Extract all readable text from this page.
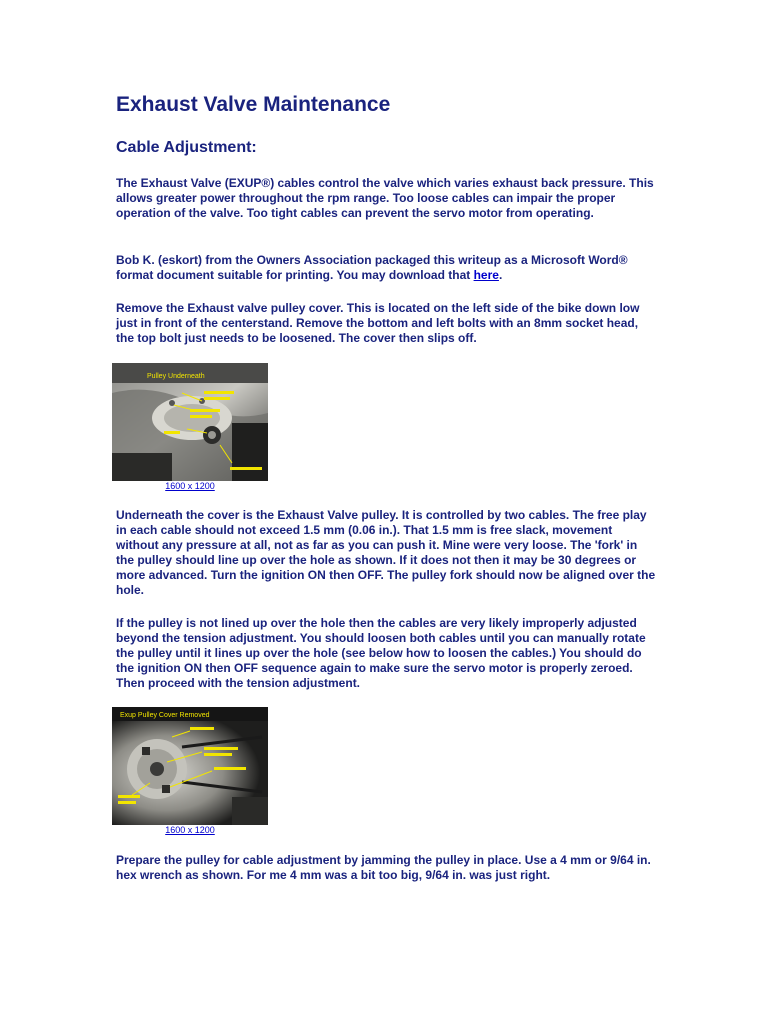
Exhaust Valve Maintenance
Cable Adjustment:

The Exhaust Valve (EXUP®) cables control the valve which varies exhaust back pressure. This allows greater power throughout the rpm range. Too loose cables can impair the proper operation of the valve. Too tight cables can prevent the servo motor from operating.

Bob K. (eskort) from the Owners Association packaged this writeup as a Microsoft Word® format document suitable for printing. You may download that here.

Remove the Exhaust valve pulley cover. This is located on the left side of the bike down low just in front of the centerstand. Remove the bottom and left bolts with an 8mm socket head, the top bolt just needs to be loosened. The cover then slips off.

Pulley Underneath
1600 x 1200

Underneath the cover is the Exhaust Valve pulley. It is controlled by two cables. The free play in each cable should not exceed 1.5 mm (0.06 in.). That 1.5 mm is free slack, movement without any pressure at all, not as far as you can push it. Mine were very loose. The 'fork' in the pulley should line up over the hole as shown. If it does not then it may be 30 degrees or more advanced. Turn the ignition ON then OFF. The pulley fork should now be aligned over the hole.

If the pulley is not lined up over the hole then the cables are very likely improperly adjusted beyond the tension adjustment. You should loosen both cables until you can manually rotate the pulley until it lines up over the hole (see below how to loosen the cables.) You should do the ignition ON then OFF sequence again to make sure the servo motor is properly zeroed. Then proceed with the tension adjustment.

Exup Pulley Cover Removed
1600 x 1200

Prepare the pulley for cable adjustment by jamming the pulley in place. Use a 4 mm or 9/64 in. hex wrench as shown. For me 4 mm was a bit too big, 9/64 in. was just right.
